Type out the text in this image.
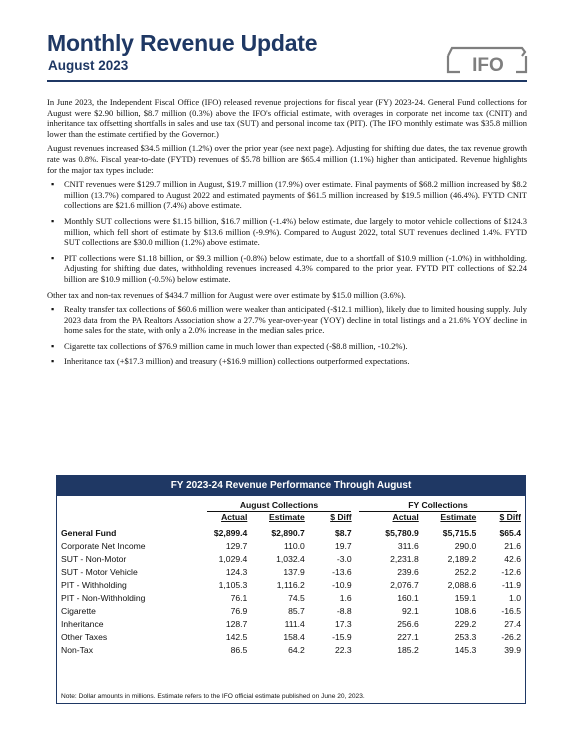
Monthly Revenue Update
August 2023	IFO

In June 2023, the Independent Fiscal Office (IFO) released revenue projections for fiscal year (FY) 2023-24. General Fund collections for August were $2.90 billion, $8.7 million (0.3%) above the IFO's official estimate, with overages in corporate net income tax (CNIT) and inheritance tax offsetting shortfalls in sales and use tax (SUT) and personal income tax (PIT). (The IFO monthly estimate was $35.8 million lower than the estimate certified by the Governor.)

August revenues increased $34.5 million (1.2%) over the prior year (see next page). Adjusting for shifting due dates, the tax revenue growth rate was 0.8%. Fiscal year-to-date (FYTD) revenues of $5.78 billion are $65.4 million (1.1%) higher than anticipated. Revenue highlights for the major tax types include:

▪ CNIT revenues were $129.7 million in August, $19.7 million (17.9%) over estimate. Final payments of $68.2 million increased by $8.2 million (13.7%) compared to August 2022 and estimated payments of $61.5 million increased by $19.5 million (46.4%). FYTD CNIT collections are $21.6 million (7.4%) above estimate.
▪ Monthly SUT collections were $1.15 billion, $16.7 million (-1.4%) below estimate, due largely to motor vehicle collections of $124.3 million, which fell short of estimate by $13.6 million (-9.9%). Compared to August 2022, total SUT revenues declined 1.4%. FYTD SUT collections are $30.0 million (1.2%) above estimate.
▪ PIT collections were $1.18 billion, or $9.3 million (-0.8%) below estimate, due to a shortfall of $10.9 million (-1.0%) in withholding. Adjusting for shifting due dates, withholding revenues increased 4.3% compared to the prior year. FYTD PIT collections of $2.24 billion are $10.9 million (-0.5%) below estimate.

Other tax and non-tax revenues of $434.7 million for August were over estimate by $15.0 million (3.6%).

▪ Realty transfer tax collections of $60.6 million were weaker than anticipated (-$12.1 million), likely due to limited housing supply. July 2023 data from the PA Realtors Association show a 27.7% year-over-year (YOY) decline in total listings and a 21.6% YOY decline in home sales for the state, with only a 2.0% increase in the median sales price.
▪ Cigarette tax collections of $76.9 million came in much lower than expected (-$8.8 million, -10.2%).
▪ Inheritance tax (+$17.3 million) and treasury (+$16.9 million) collections outperformed expectations.
FY 2023-24 Revenue Performance Through August
August Collections	FY Collections
	Actual	Estimate	$ Diff		Actual	Estimate	$ Diff
General Fund	$2,899.4	$2,890.7	$8.7		$5,780.9	$5,715.5	$65.4
Corporate Net Income	129.7	110.0	19.7		311.6	290.0	21.6
SUT - Non-Motor	1,029.4	1,032.4	-3.0		2,231.8	2,189.2	42.6
SUT - Motor Vehicle	124.3	137.9	-13.6		239.6	252.2	-12.6
PIT - Withholding	1,105.3	1,116.2	-10.9		2,076.7	2,088.6	-11.9
PIT - Non-Withholding	76.1	74.5	1.6		160.1	159.1	1.0
Cigarette	76.9	85.7	-8.8		92.1	108.6	-16.5
Inheritance	128.7	111.4	17.3		256.6	229.2	27.4
Other Taxes	142.5	158.4	-15.9		227.1	253.3	-26.2
Non-Tax	86.5	64.2	22.3		185.2	145.3	39.9
Note: Dollar amounts in millions. Estimate refers to the IFO official estimate published on June 20, 2023.
